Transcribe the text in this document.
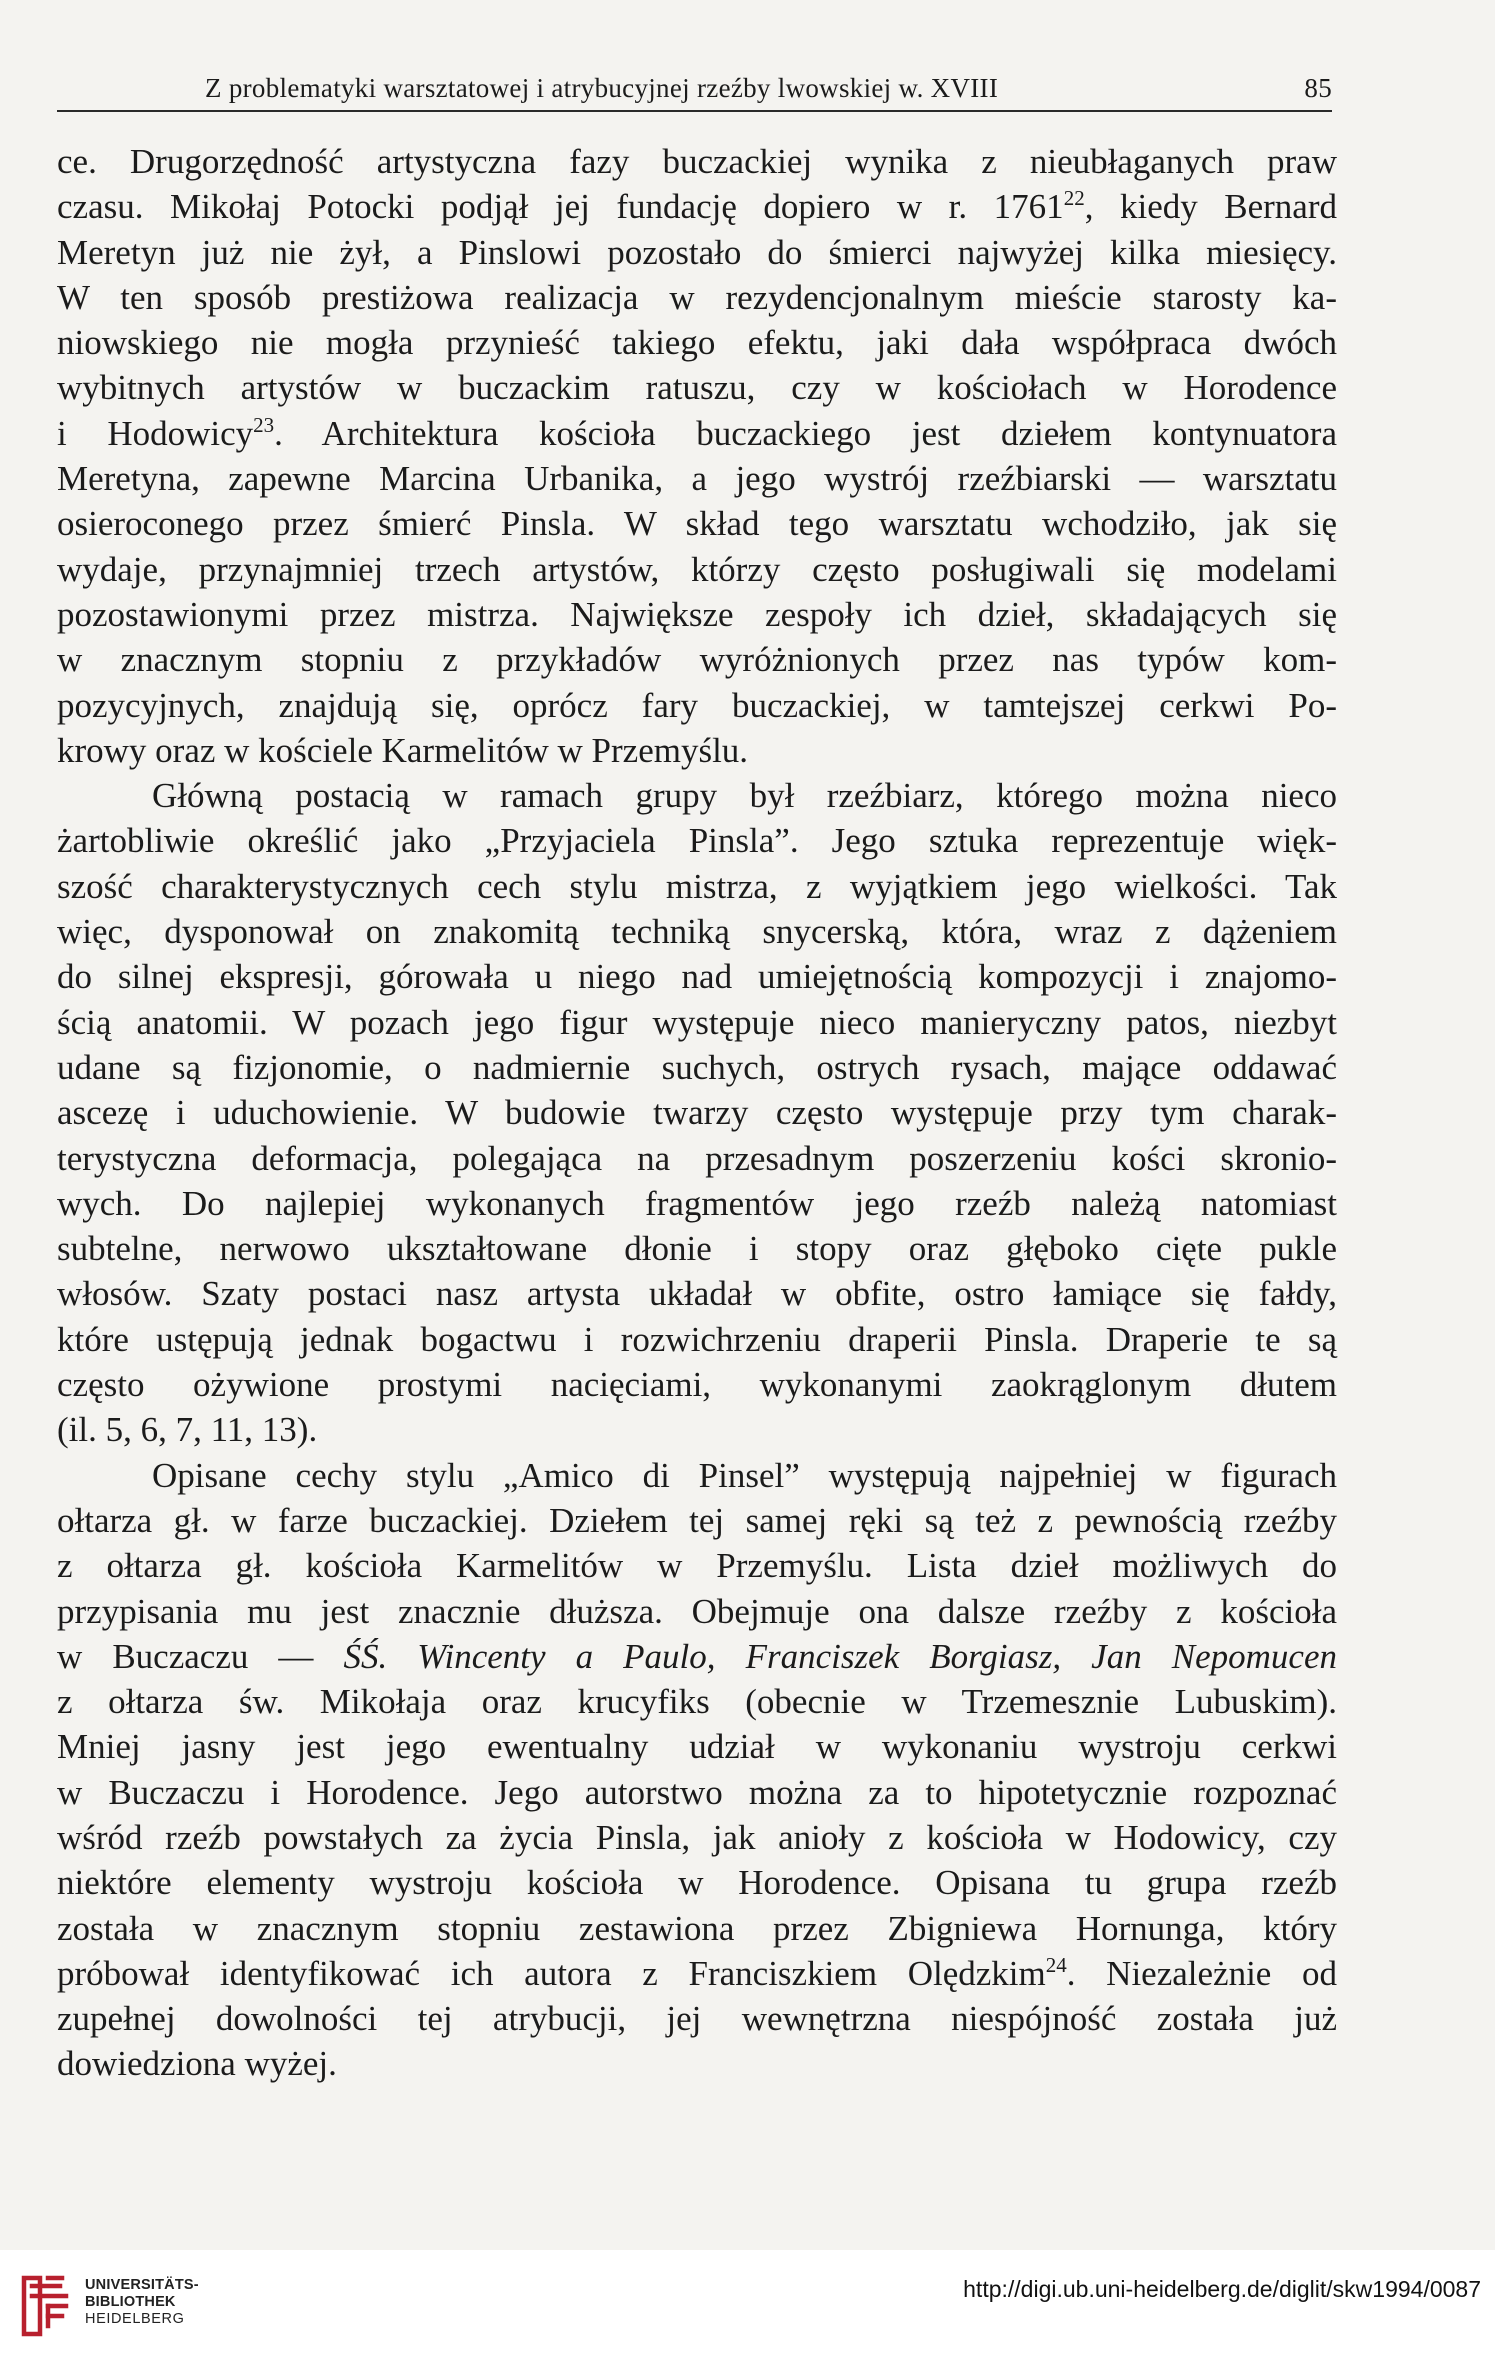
Z problematyki warsztatowej i atrybucyjnej rzeźby lwowskiej w. XVIII	85
ce. Drugorzędność artystyczna fazy buczackiej wynika z nieubłaganych praw
czasu. Mikołaj Potocki podjął jej fundację dopiero w r. 1761$^{22}$, kiedy Bernard
Meretyn już nie żył, a Pinslowi pozostało do śmierci najwyżej kilka miesięcy.
W ten sposób prestiżowa realizacja w rezydencjonalnym mieście starosty ka-
niowskiego nie mogła przynieść takiego efektu, jaki dała współpraca dwóch
wybitnych artystów w buczackim ratuszu, czy w kościołach w Horodence
i Hodowicy$^{23}$. Architektura kościoła buczackiego jest dziełem kontynuatora
Meretyna, zapewne Marcina Urbanika, a jego wystrój rzeźbiarski — warsztatu
osieroconego przez śmierć Pinsla. W skład tego warsztatu wchodziło, jak się
wydaje, przynajmniej trzech artystów, którzy często posługiwali się modelami
pozostawionymi przez mistrza. Największe zespoły ich dzieł, składających się
w znacznym stopniu z przykładów wyróżnionych przez nas typów kom-
pozycyjnych, znajdują się, oprócz fary buczackiej, w tamtejszej cerkwi Po-
krowy oraz w kościele Karmelitów w Przemyślu.
Główną postacią w ramach grupy był rzeźbiarz, którego można nieco
żartobliwie określić jako „Przyjaciela Pinsla”. Jego sztuka reprezentuje więk-
szość charakterystycznych cech stylu mistrza, z wyjątkiem jego wielkości. Tak
więc, dysponował on znakomitą techniką snycerską, która, wraz z dążeniem
do silnej ekspresji, górowała u niego nad umiejętnością kompozycji i znajomo-
ścią anatomii. W pozach jego figur występuje nieco manieryczny patos, niezbyt
udane są fizjonomie, o nadmiernie suchych, ostrych rysach, mające oddawać
ascezę i uduchowienie. W budowie twarzy często występuje przy tym charak-
terystyczna deformacja, polegająca na przesadnym poszerzeniu kości skronio-
wych. Do najlepiej wykonanych fragmentów jego rzeźb należą natomiast
subtelne, nerwowo ukształtowane dłonie i stopy oraz głęboko cięte pukle
włosów. Szaty postaci nasz artysta układał w obfite, ostro łamiące się fałdy,
które ustępują jednak bogactwu i rozwichrzeniu draperii Pinsla. Draperie te są
często ożywione prostymi nacięciami, wykonanymi zaokrąglonym dłutem
(il. 5, 6, 7, 11, 13).
Opisane cechy stylu „Amico di Pinsel” występują najpełniej w figurach
ołtarza gł. w farze buczackiej. Dziełem tej samej ręki są też z pewnością rzeźby
z ołtarza gł. kościoła Karmelitów w Przemyślu. Lista dzieł możliwych do
przypisania mu jest znacznie dłuższa. Obejmuje ona dalsze rzeźby z kościoła
w Buczaczu — ŚŚ. Wincenty a Paulo, Franciszek Borgiasz, Jan Nepomucen
z ołtarza św. Mikołaja oraz krucyfiks (obecnie w Trzemesznie Lubuskim).
Mniej jasny jest jego ewentualny udział w wykonaniu wystroju cerkwi
w Buczaczu i Horodence. Jego autorstwo można za to hipotetycznie rozpoznać
wśród rzeźb powstałych za życia Pinsla, jak anioły z kościoła w Hodowicy, czy
niektóre elementy wystroju kościoła w Horodence. Opisana tu grupa rzeźb
została w znacznym stopniu zestawiona przez Zbigniewa Hornunga, który
próbował identyfikować ich autora z Franciszkiem Olędzkim$^{24}$. Niezależnie od
zupełnej dowolności tej atrybucji, jej wewnętrzna niespójność została już
dowiedziona wyżej.
UNIVERSITÄTS-
BIBLIOTHEK
HEIDELBERG
http://digi.ub.uni-heidelberg.de/diglit/skw1994/0087
